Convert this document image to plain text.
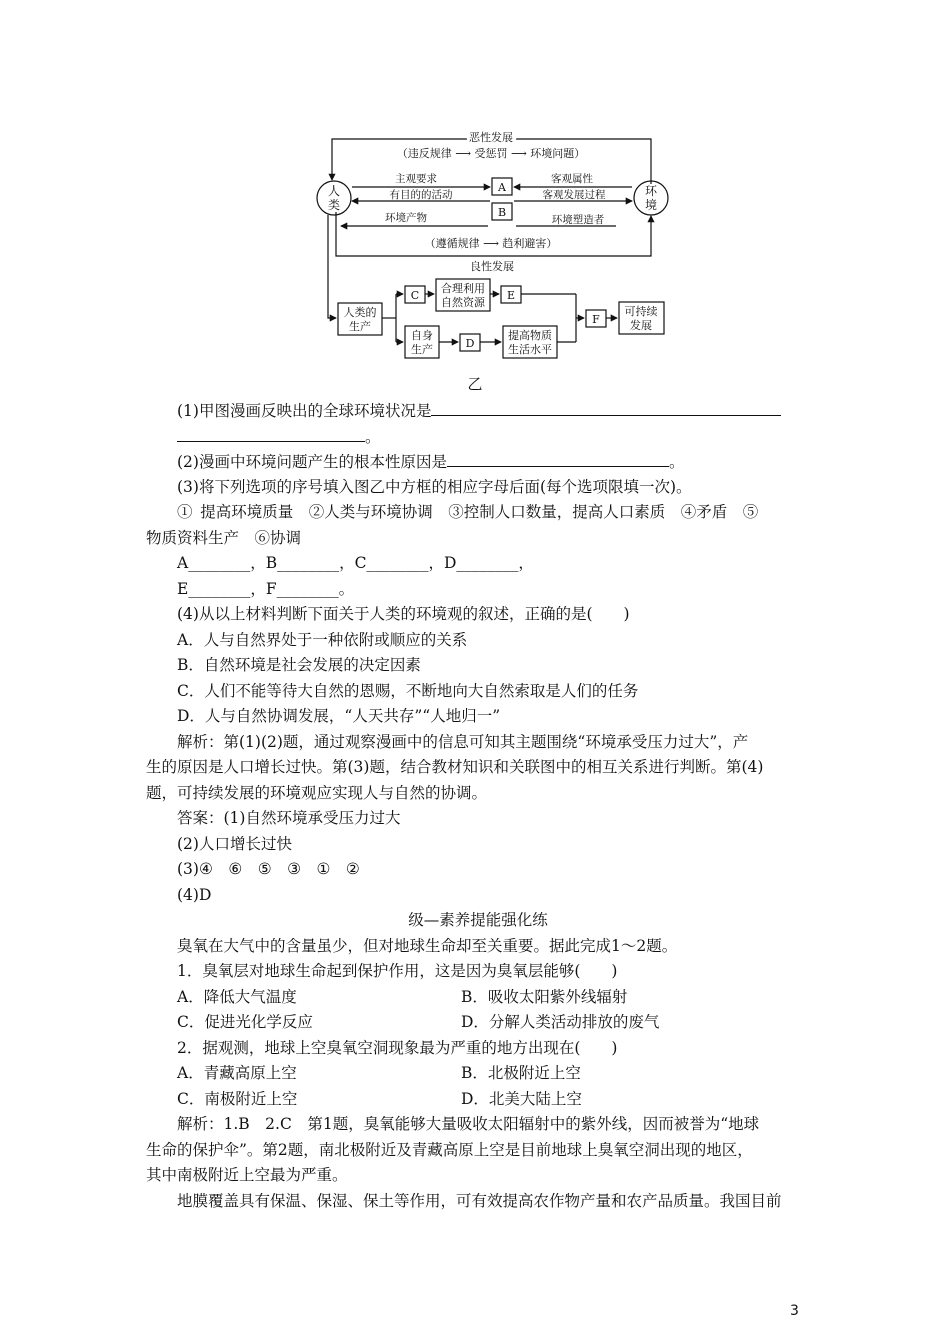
恶性发展
（违反规律 ⟶ 受惩罚 ⟶ 环境问题）
人
类
环
境
主观要求	客观属性
有目的的活动	客观发展过程
环境产物	环境塑造者
（遵循规律 ⟶ 趋利避害）
良性发展
A
B
人类的
生产
C
合理利用
自然资源
E
自身
生产	D
提高物质
生活水平
F
可持续
发展
乙
(1)甲图漫画反映出的全球环境状况是
。
(2)漫画中环境问题产生的根本性原因是	。
(3)将下列选项的序号填入图乙中方框的相应字母后面(每个选项限填一次)。
① 提高环境质量 ②人类与环境协调 ③控制人口数量，提高人口素质 ④矛盾 ⑤
物质资料生产 ⑥协调
A________，B________，C________，D________，
E________，F________。
(4)从以上材料判断下面关于人类的环境观的叙述，正确的是(　　)
A．人与自然界处于一种依附或顺应的关系
B．自然环境是社会发展的决定因素
C．人们不能等待大自然的恩赐，不断地向大自然索取是人们的任务
D．人与自然协调发展，“人天共存”“人地归一”
解析：第(1)(2)题，通过观察漫画中的信息可知其主题围绕“环境承受压力过大”，产
生的原因是人口增长过快。第(3)题，结合教材知识和关联图中的相互关系进行判断。第(4)
题，可持续发展的环境观应实现人与自然的协调。
答案：(1)自然环境承受压力过大
(2)人口增长过快
(3)④ ⑥ ⑤ ③ ① ②
(4)D
级—素养提能强化练
臭氧在大气中的含量虽少，但对地球生命却至关重要。据此完成1～2题。
1．臭氧层对地球生命起到保护作用，这是因为臭氧层能够(　　)
A．降低大气温度	B．吸收太阳紫外线辐射
C．促进光化学反应	D．分解人类活动排放的废气
2．据观测，地球上空臭氧空洞现象最为严重的地方出现在(　　)
A．青藏高原上空	B．北极附近上空
C．南极附近上空	D．北美大陆上空
解析：1.B 2.C 第1题，臭氧能够大量吸收太阳辐射中的紫外线，因而被誉为“地球
生命的保护伞”。第2题，南北极附近及青藏高原上空是目前地球上臭氧空洞出现的地区，
其中南极附近上空最为严重。
地膜覆盖具有保温、保湿、保土等作用，可有效提高农作物产量和农产品质量。我国目前
3
